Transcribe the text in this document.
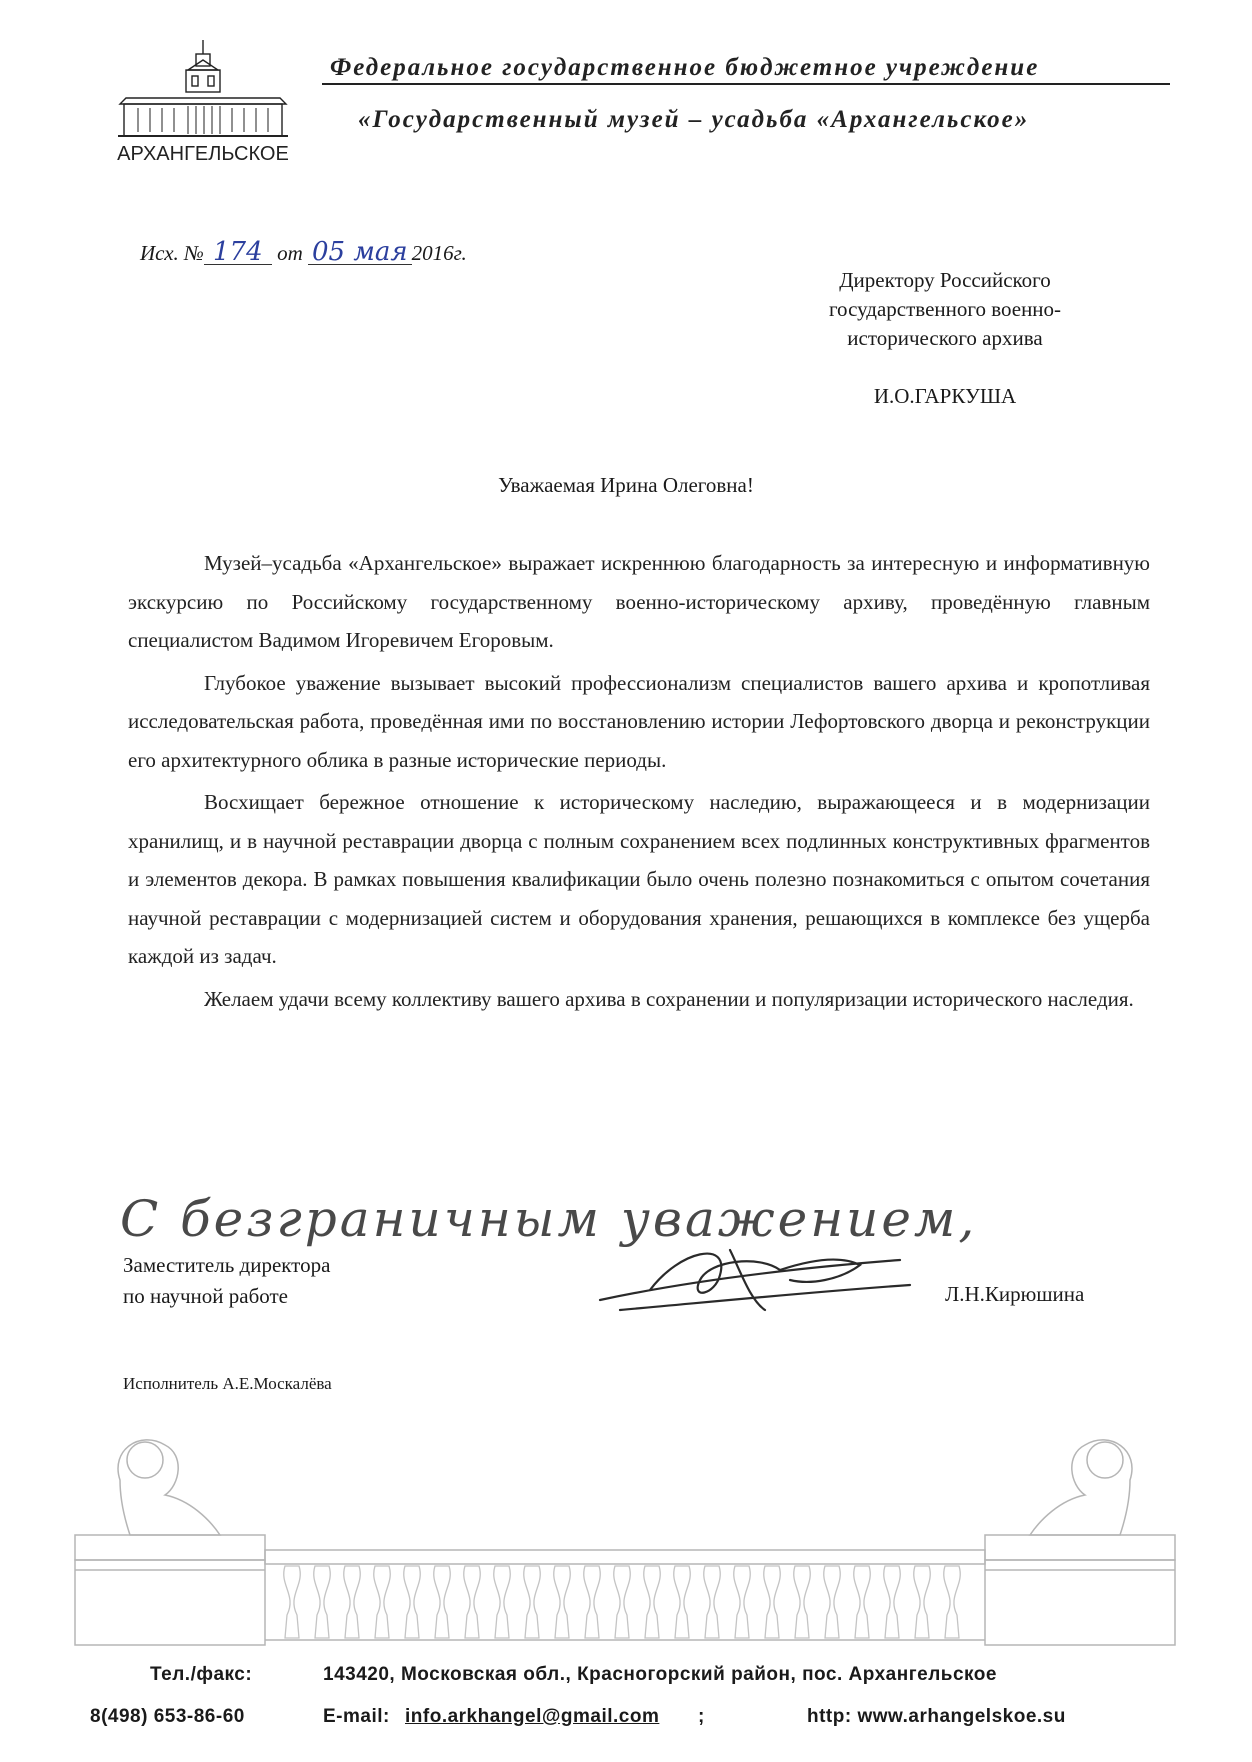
АРХАНГЕЛЬСКОЕ
Федеральное государственное бюджетное учреждение
«Государственный музей – усадьба «Архангельское»
Исх. № 174 от 05 мая 2016г.
Директору Российского
государственного военно-
исторического архива
И.О.ГАРКУША
Уважаемая Ирина Олеговна!

Музей–усадьба «Архангельское» выражает искреннюю благодарность за интересную и информативную экскурсию по Российскому государственному военно-историческому архиву, проведённую главным специалистом Вадимом Игоревичем Егоровым.

Глубокое уважение вызывает высокий профессионализм специалистов вашего архива и кропотливая исследовательская работа, проведённая ими по восстановлению истории Лефортовского дворца и реконструкции его архитектурного облика в разные исторические периоды.

Восхищает бережное отношение к историческому наследию, выражающееся и в модернизации хранилищ, и в научной реставрации дворца с полным сохранением всех подлинных конструктивных фрагментов и элементов декора. В рамках повышения квалификации было очень полезно познакомиться с опытом сочетания научной реставрации с модернизацией систем и оборудования хранения, решающихся в комплексе без ущерба каждой из задач.

Желаем удачи всему коллективу вашего архива в сохранении и популяризации исторического наследия.

С безграничным уважением,
Заместитель директора
по научной работе	Л.Н.Кирюшина
Исполнитель А.Е.Москалёва
Тел./факс:	143420, Московская обл., Красногорский район, пос. Архангельское
8(498) 653-86-60	E-mail: info.arkhangel@gmail.com ;	http: www.arhangelskoe.su
